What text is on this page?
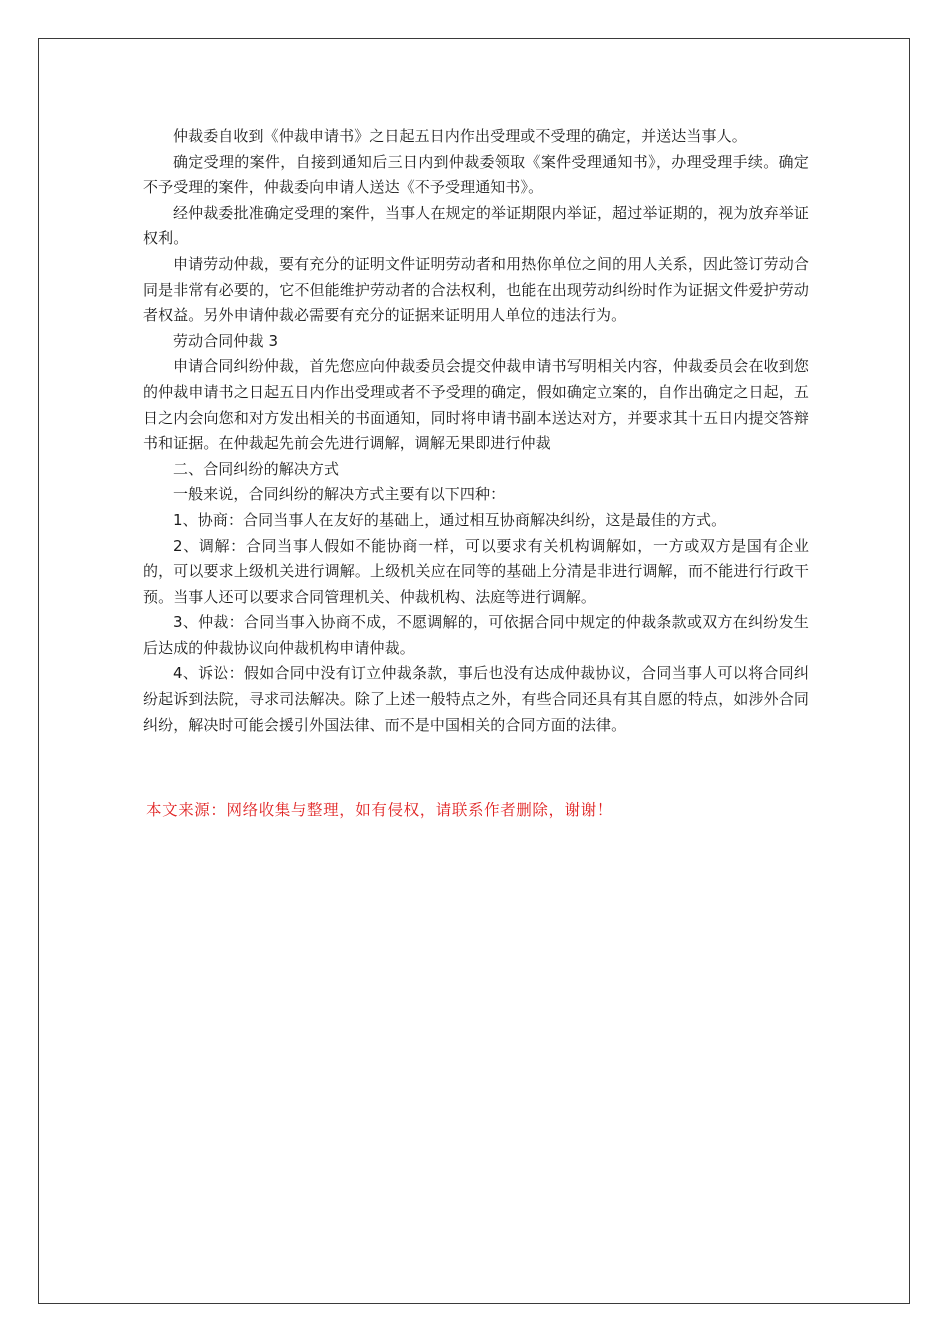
仲裁委自收到《仲裁申请书》之日起五日内作出受理或不受理的确定，并送达当事人。

确定受理的案件，自接到通知后三日内到仲裁委领取《案件受理通知书》，办理受理手续。确定不予受理的案件，仲裁委向申请人送达《不予受理通知书》。

经仲裁委批准确定受理的案件，当事人在规定的举证期限内举证，超过举证期的，视为放弃举证权利。

申请劳动仲裁，要有充分的证明文件证明劳动者和用热你单位之间的用人关系，因此签订劳动合同是非常有必要的，它不但能维护劳动者的合法权利，也能在出现劳动纠纷时作为证据文件爱护劳动者权益。另外申请仲裁必需要有充分的证据来证明用人单位的违法行为。

劳动合同仲裁 3

申请合同纠纷仲裁，首先您应向仲裁委员会提交仲裁申请书写明相关内容，仲裁委员会在收到您的仲裁申请书之日起五日内作出受理或者不予受理的确定，假如确定立案的，自作出确定之日起，五日之内会向您和对方发出相关的书面通知，同时将申请书副本送达对方，并要求其十五日内提交答辩书和证据。在仲裁起先前会先进行调解，调解无果即进行仲裁

二、合同纠纷的解决方式

一般来说，合同纠纷的解决方式主要有以下四种：

1、协商：合同当事人在友好的基础上，通过相互协商解决纠纷，这是最佳的方式。

2、调解：合同当事人假如不能协商一样，可以要求有关机构调解如，一方或双方是国有企业的，可以要求上级机关进行调解。上级机关应在同等的基础上分清是非进行调解，而不能进行行政干预。当事人还可以要求合同管理机关、仲裁机构、法庭等进行调解。

3、仲裁：合同当事入协商不成，不愿调解的，可依据合同中规定的仲裁条款或双方在纠纷发生后达成的仲裁协议向仲裁机构申请仲裁。

4、诉讼：假如合同中没有订立仲裁条款，事后也没有达成仲裁协议，合同当事人可以将合同纠纷起诉到法院，寻求司法解决。除了上述一般特点之外，有些合同还具有其自愿的特点，如涉外合同纠纷，解决时可能会援引外国法律、而不是中国相关的合同方面的法律。

本文来源：网络收集与整理，如有侵权，请联系作者删除，谢谢！
